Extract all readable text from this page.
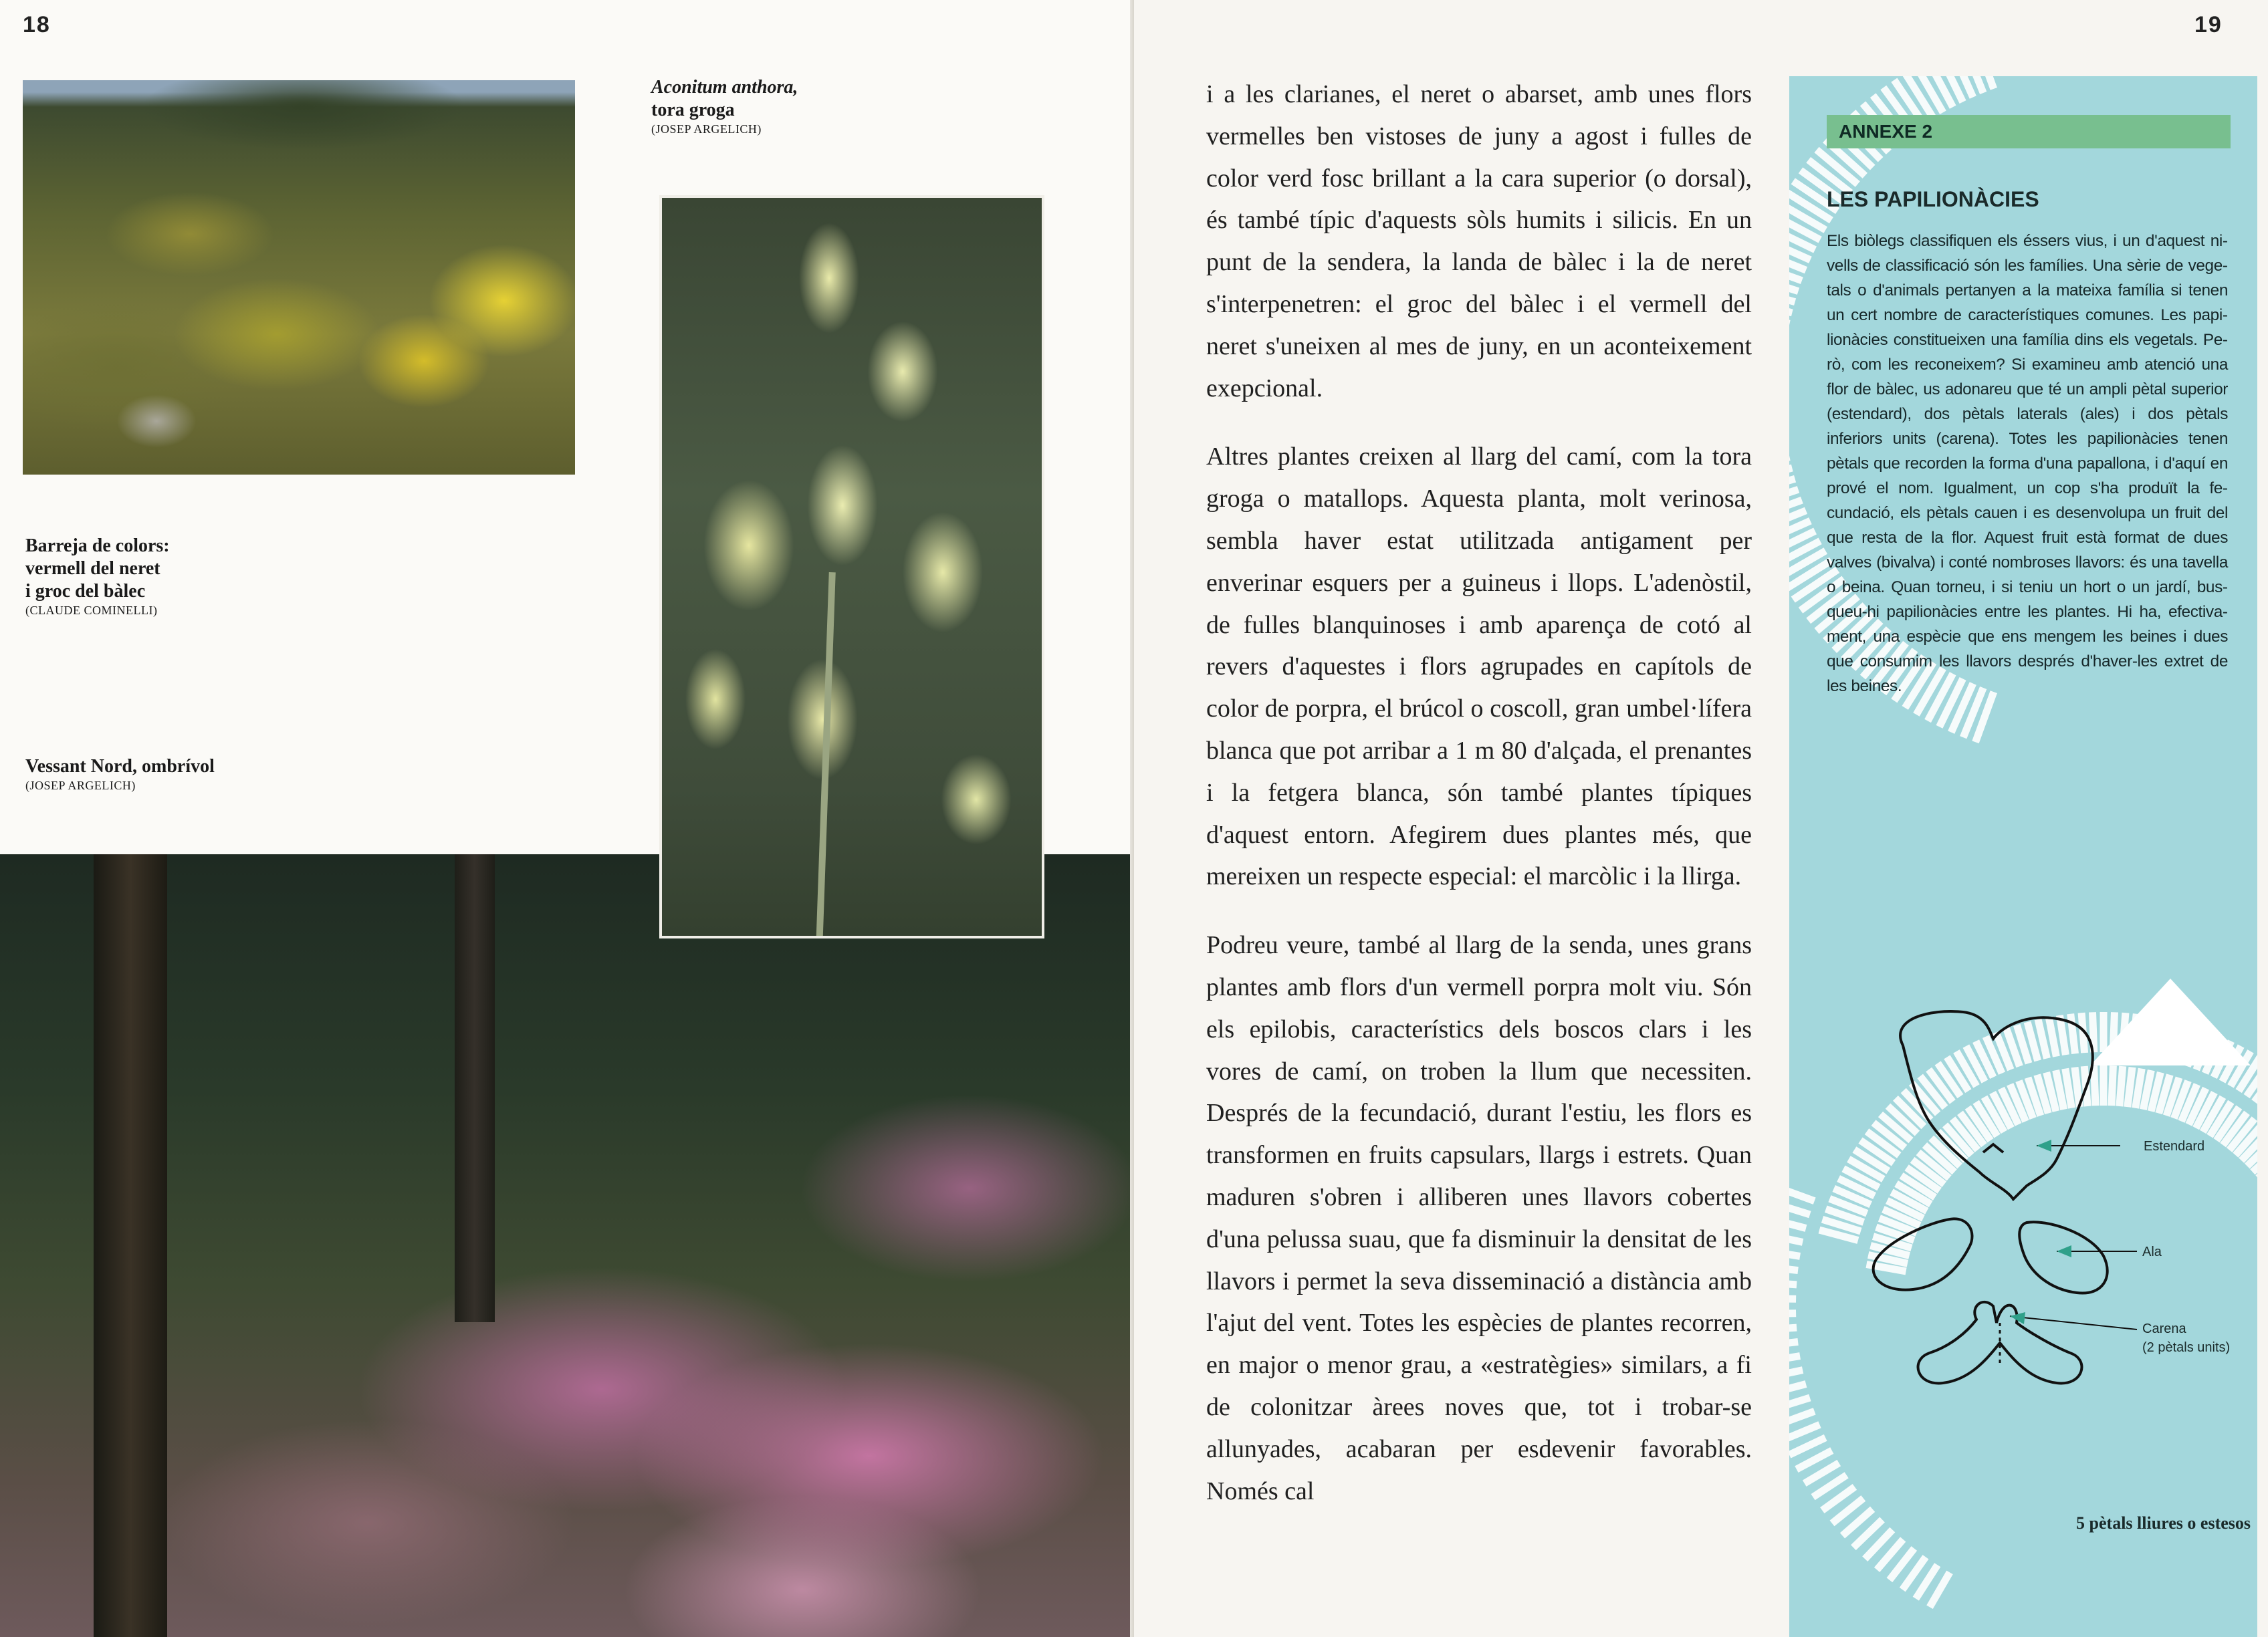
18
Aconitum anthora,
tora groga
(JOSEP ARGELICH)
Barreja de colors:
vermell del neret
i groc del bàlec
(CLAUDE COMINELLI)
Vessant Nord, ombrívol
(JOSEP ARGELICH)
19

i a les clarianes, el neret o abarset, amb unes flors vermelles ben vistoses de juny a agost i fulles de color verd fosc brillant a la cara superior (o dorsal), és també típic d'aquests sòls humits i silicis. En un punt de la sendera, la landa de bàlec i la de neret s'interpenetren: el groc del bàlec i el vermell del neret s'uneixen al mes de juny, en un aconteixement exepcional.

Altres plantes creixen al llarg del camí, com la tora groga o matallops. Aquesta planta, molt verinosa, sembla haver estat utilitzada antigament per enverinar esquers per a guineus i llops. L'adenòstil, de fulles blanquinoses i amb aparença de cotó al revers d'aquestes i flors agrupades en capítols de color de porpra, el brúcol o coscoll, gran umbel·lífera blanca que pot arribar a 1 m 80 d'alçada, el prenantes i la fetgera blanca, són també plantes típiques d'aquest entorn. Afegirem dues plantes més, que mereixen un respecte especial: el marcòlic i la llirga.

Podreu veure, també al llarg de la senda, unes grans plantes amb flors d'un vermell porpra molt viu. Són els epilobis, característics dels boscos clars i les vores de camí, on troben la llum que necessiten. Després de la fecundació, durant l'estiu, les flors es transformen en fruits capsulars, llargs i estrets. Quan maduren s'obren i alliberen unes llavors cobertes d'una pelussa suau, que fa disminuir la densitat de les llavors i permet la seva disseminació a distància amb l'ajut del vent. Totes les espècies de plantes recorren, en major o menor grau, a «estratègies» similars, a fi de colonitzar àrees noves que, tot i trobar-se allunyades, acabaran per esdevenir favorables. Només cal

ANNEXE 2
LES PAPILIONÀCIES

Els biòlegs classifiquen els éssers vius, i un d'aquest nivells de classificació són les famílies. Una sèrie de vegetals o d'animals pertanyen a la mateixa família si tenen un cert nombre de característiques comunes. Les papilionàcies constitueixen una família dins els vegetals. Però, com les reconeixem? Si examineu amb atenció una flor de bàlec, us adonareu que té un ampli pètal superior (estendard), dos pètals laterals (ales) i dos pètals inferiors units (carena). Totes les papilionàcies tenen pètals que recorden la forma d'una papallona, i d'aquí en prové el nom. Igualment, un cop s'ha produït la fecundació, els pètals cauen i es desenvolupa un fruit del que resta de la flor. Aquest fruit està format de dues valves (bivalva) i conté nombroses llavors: és una tavella o beina. Quan torneu, i si teniu un hort o un jardí, busqueu-hi papilionàcies entre les plantes. Hi ha, efectivament, una espècie que ens mengem les beines i dues que consumim les llavors després d'haver-les extret de les beines.

Estendard
Ala
Carena
(2 pètals units)
5 pètals lliures o estesos
